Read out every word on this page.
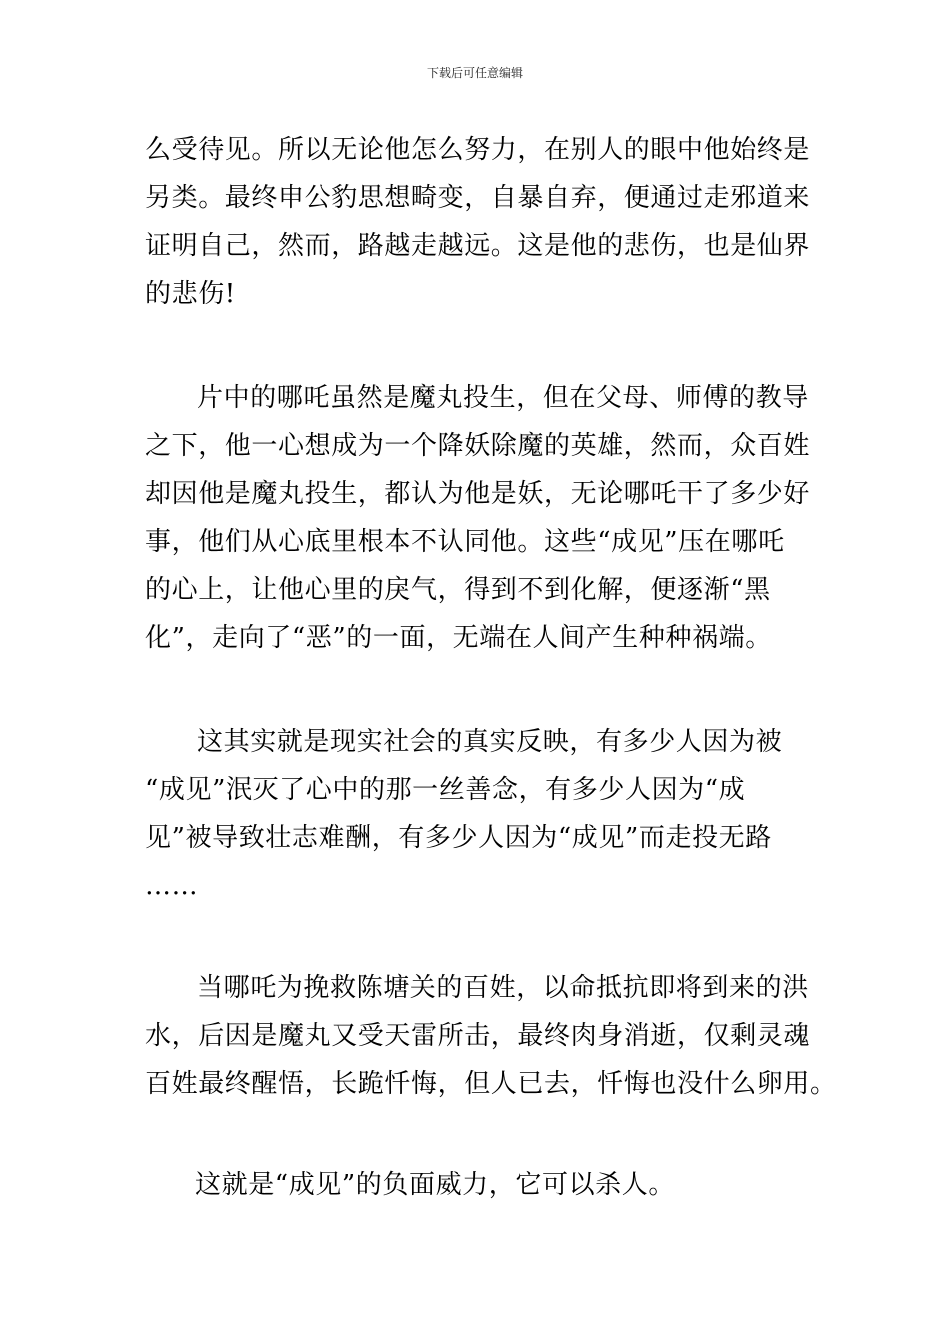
下载后可任意编辑
么受待见。所以无论他怎么努力，在别人的眼中他始终是
另类。最终申公豹思想畸变，自暴自弃，便通过走邪道来
证明自己，然而，路越走越远。这是他的悲伤，也是仙界
的悲伤!
片中的哪吒虽然是魔丸投生，但在父母、师傅的教导
之下，他一心想成为一个降妖除魔的英雄，然而，众百姓
却因他是魔丸投生，都认为他是妖，无论哪吒干了多少好
事，他们从心底里根本不认同他。这些“成见”压在哪吒
的心上，让他心里的戾气，得到不到化解，便逐渐“黑
化”，走向了“恶”的一面，无端在人间产生种种祸端。
这其实就是现实社会的真实反映，有多少人因为被
“成见”泯灭了心中的那一丝善念，有多少人因为“成
见”被导致壮志难酬，有多少人因为“成见”而走投无路
……
当哪吒为挽救陈塘关的百姓，以命抵抗即将到来的洪
水，后因是魔丸又受天雷所击，最终肉身消逝，仅剩灵魂
百姓最终醒悟，长跪忏悔，但人已去，忏悔也没什么卵用。
这就是“成见”的负面威力，它可以杀人。
